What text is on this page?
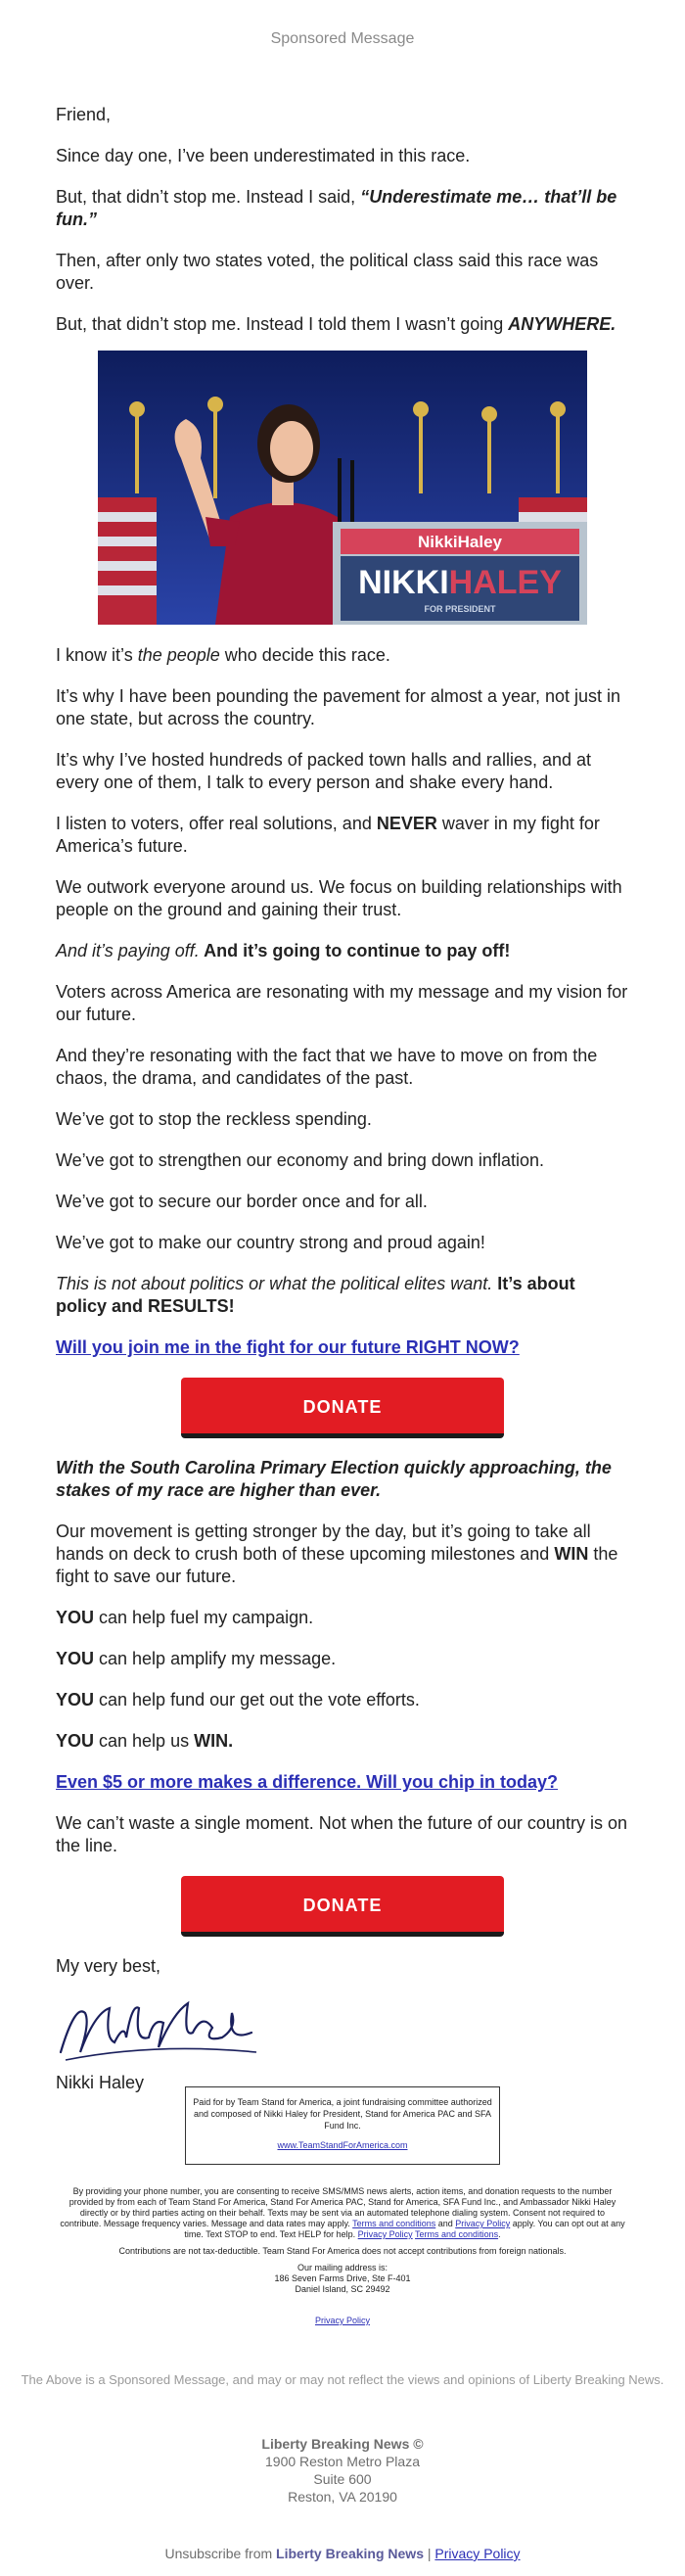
Sponsored Message
Friend,
Since day one, I’ve been underestimated in this race.
But, that didn’t stop me. Instead I said, “Underestimate me… that’ll be fun.”
Then, after only two states voted, the political class said this race was over.
But, that didn’t stop me. Instead I told them I wasn’t going ANYWHERE.
NikkiHaley
NIKKIHALEY
FOR PRESIDENT
I know it’s the people who decide this race.
It’s why I have been pounding the pavement for almost a year, not just in one state, but across the country.
It’s why I’ve hosted hundreds of packed town halls and rallies, and at every one of them, I talk to every person and shake every hand.
I listen to voters, offer real solutions, and NEVER waver in my fight for America’s future.
We outwork everyone around us. We focus on building relationships with people on the ground and gaining their trust.
And it’s paying off. And it’s going to continue to pay off!
Voters across America are resonating with my message and my vision for our future.
And they’re resonating with the fact that we have to move on from the chaos, the drama, and candidates of the past.
We’ve got to stop the reckless spending.
We’ve got to strengthen our economy and bring down inflation.
We’ve got to secure our border once and for all.
We’ve got to make our country strong and proud again!
This is not about politics or what the political elites want. It’s about policy and RESULTS!
Will you join me in the fight for our future RIGHT NOW?
DONATE
With the South Carolina Primary Election quickly approaching, the stakes of my race are higher than ever.
Our movement is getting stronger by the day, but it’s going to take all hands on deck to crush both of these upcoming milestones and WIN the fight to save our future.
YOU can help fuel my campaign.
YOU can help amplify my message.
YOU can help fund our get out the vote efforts.
YOU can help us WIN.
Even $5 or more makes a difference. Will you chip in today?
We can’t waste a single moment. Not when the future of our country is on the line.
DONATE
My very best,
Nikki Haley
Paid for by Team Stand for America, a joint fundraising committee authorized and composed of Nikki Haley for President, Stand for America PAC and SFA Fund Inc.
www.TeamStandForAmerica.com
By providing your phone number, you are consenting to receive SMS/MMS news alerts, action items, and donation requests to the number provided by from each of Team Stand For America, Stand For America PAC, Stand for America, SFA Fund Inc., and Ambassador Nikki Haley directly or by third parties acting on their behalf. Texts may be sent via an automated telephone dialing system. Consent not required to contribute. Message frequency varies. Message and data rates may apply. Terms and conditions and Privacy Policy apply. You can opt out at any time. Text STOP to end. Text HELP for help. Privacy Policy Terms and conditions.
Contributions are not tax-deductible. Team Stand For America does not accept contributions from foreign nationals.
Our mailing address is:
186 Seven Farms Drive, Ste F-401
Daniel Island, SC 29492
Privacy Policy
The Above is a Sponsored Message, and may or may not reflect the views and opinions of Liberty Breaking News.
Liberty Breaking News ©
1900 Reston Metro Plaza
Suite 600
Reston, VA 20190
Unsubscribe from Liberty Breaking News | Privacy Policy
